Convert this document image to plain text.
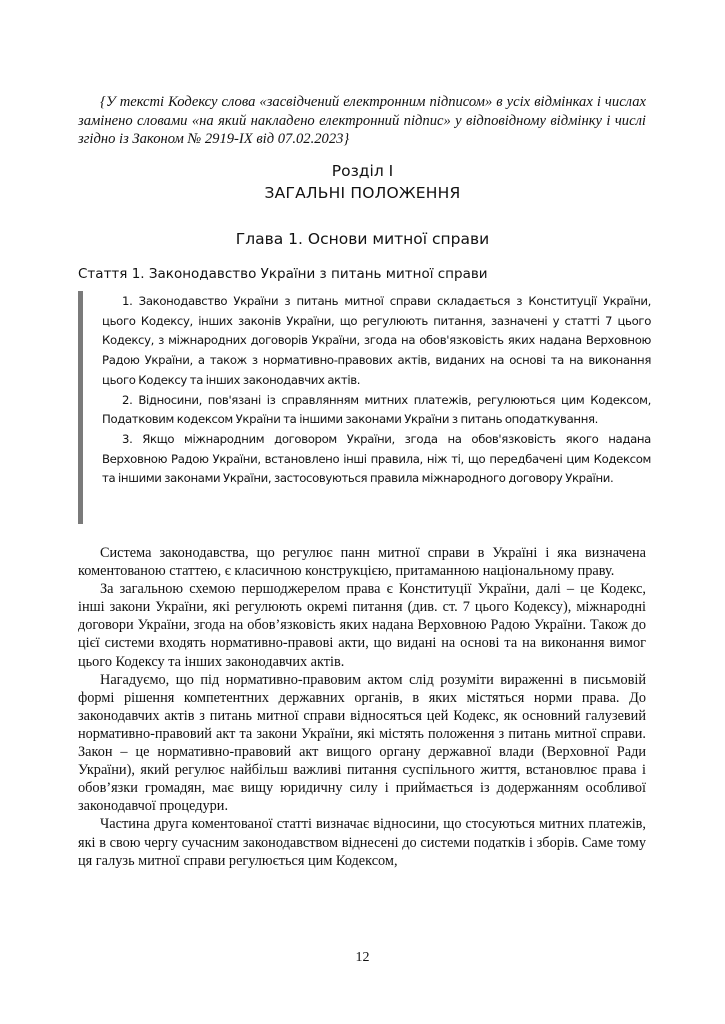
{У тексті Кодексу слова «засвідчений електронним підписом» в усіх відмінках і числах замінено словами «на який накладено електронний підпис» у відповідному відмінку і числі згідно із Законом № 2919-IX від 07.02.2023}

Розділ I
ЗАГАЛЬНІ ПОЛОЖЕННЯ
Глава 1. Основи митної справи
Стаття 1. Законодавство України з питань митної справи

1. Законодавство України з питань митної справи складається з Конституції України, цього Кодексу, інших законів України, що регулюють питання, зазначені у статті 7 цього Кодексу, з міжнародних договорів України, згода на обов'язковість яких надана Верховною Радою України, а також з нормативно-правових актів, виданих на основі та на виконання цього Кодексу та інших законодавчих актів.

2. Відносини, пов'язані із справлянням митних платежів, регулюються цим Кодексом, Податковим кодексом України та іншими законами України з питань оподаткування.

3. Якщо міжнародним договором України, згода на обов'язковість якого надана Верховною Радою України, встановлено інші правила, ніж ті, що передбачені цим Кодексом та іншими законами України, застосовуються правила міжнародного договору України.

Система законодавства, що регулює панн митної справи в Україні і яка визначена коментованою статтею, є класичною конструкцією, притаманною національному праву.

За загальною схемою першоджерелом права є Конституції України, далі – це Кодекс, інші закони України, які регулюють окремі питання (див. ст. 7 цього Кодексу), міжнародні договори України, згода на обов’язковість яких надана Верховною Радою України. Також до цієї системи входять нормативно-правові акти, що видані на основі та на виконання вимог цього Кодексу та інших законодавчих актів.

Нагадуємо, що під нормативно-правовим актом слід розуміти вираженні в письмовій формі рішення компетентних державних органів, в яких містяться норми права. До законодавчих актів з питань митної справи відносяться цей Кодекс, як основний галузевий нормативно-правовий акт та закони України, які містять положення з питань митної справи. Закон – це нормативно-правовий акт вищого органу державної влади (Верховної Ради України), який регулює найбільш важливі питання суспільного життя, встановлює права і обов’язки громадян, має вищу юридичну силу і приймається із додержанням особливої законодавчої процедури.

Частина друга коментованої статті визначає відносини, що стосуються митних платежів, які в свою чергу сучасним законодавством віднесені до системи податків і зборів. Саме тому ця галузь митної справи регулюється цим Кодексом,

12
